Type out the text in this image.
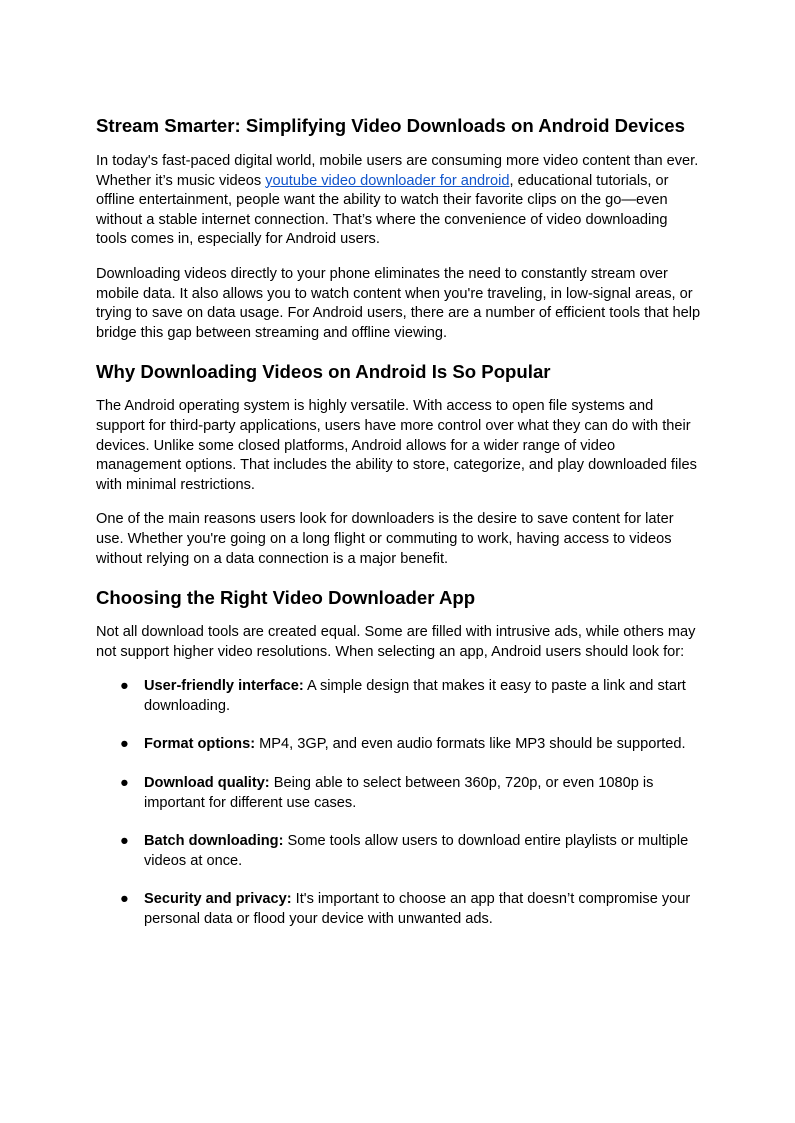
Stream Smarter: Simplifying Video Downloads on Android Devices

In today's fast-paced digital world, mobile users are consuming more video content than ever. Whether it’s music videos youtube video downloader for android, educational tutorials, or offline entertainment, people want the ability to watch their favorite clips on the go—even without a stable internet connection. That’s where the convenience of video downloading tools comes in, especially for Android users.

Downloading videos directly to your phone eliminates the need to constantly stream over mobile data. It also allows you to watch content when you're traveling, in low-signal areas, or trying to save on data usage. For Android users, there are a number of efficient tools that help bridge this gap between streaming and offline viewing.

Why Downloading Videos on Android Is So Popular

The Android operating system is highly versatile. With access to open file systems and support for third-party applications, users have more control over what they can do with their devices. Unlike some closed platforms, Android allows for a wider range of video management options. That includes the ability to store, categorize, and play downloaded files with minimal restrictions.

One of the main reasons users look for downloaders is the desire to save content for later use. Whether you're going on a long flight or commuting to work, having access to videos without relying on a data connection is a major benefit.

Choosing the Right Video Downloader App

Not all download tools are created equal. Some are filled with intrusive ads, while others may not support higher video resolutions. When selecting an app, Android users should look for:

● User-friendly interface: A simple design that makes it easy to paste a link and start downloading.
● Format options: MP4, 3GP, and even audio formats like MP3 should be supported.
● Download quality: Being able to select between 360p, 720p, or even 1080p is important for different use cases.
● Batch downloading: Some tools allow users to download entire playlists or multiple videos at once.
● Security and privacy: It's important to choose an app that doesn’t compromise your personal data or flood your device with unwanted ads.
